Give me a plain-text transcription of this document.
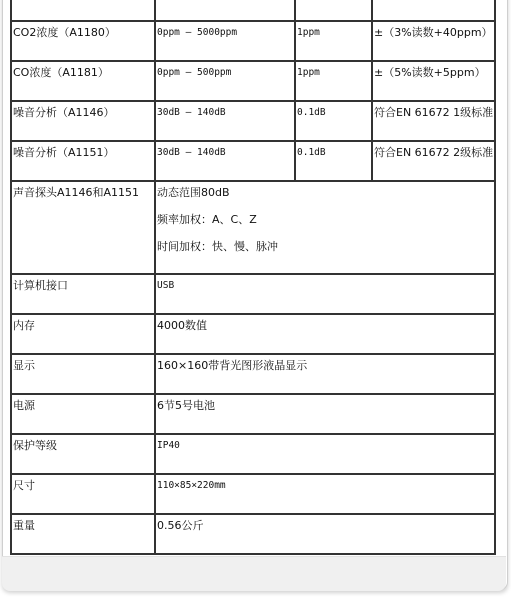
CO2浓度（A1180）	0ppm — 5000ppm	1ppm	±（3%读数+40ppm）
CO浓度（A1181）	0ppm — 500ppm	1ppm	±（5%读数+5ppm）
噪音分析（A1146）	30dB — 140dB	0.1dB	符合EN 61672 1级标准
噪音分析（A1151）	30dB — 140dB	0.1dB	符合EN 61672 2级标准
声音探头A1146和A1151	动态范围80dB
频率加权：A、C、Z
时间加权：快、慢、脉冲		

计算机接口	USB		
内存	4000数值		
显示	160×160带背光图形液晶显示		
电源	6节5号电池		
保护等级	IP40		
尺寸	110×85×220mm		
重量	0.56公斤		
